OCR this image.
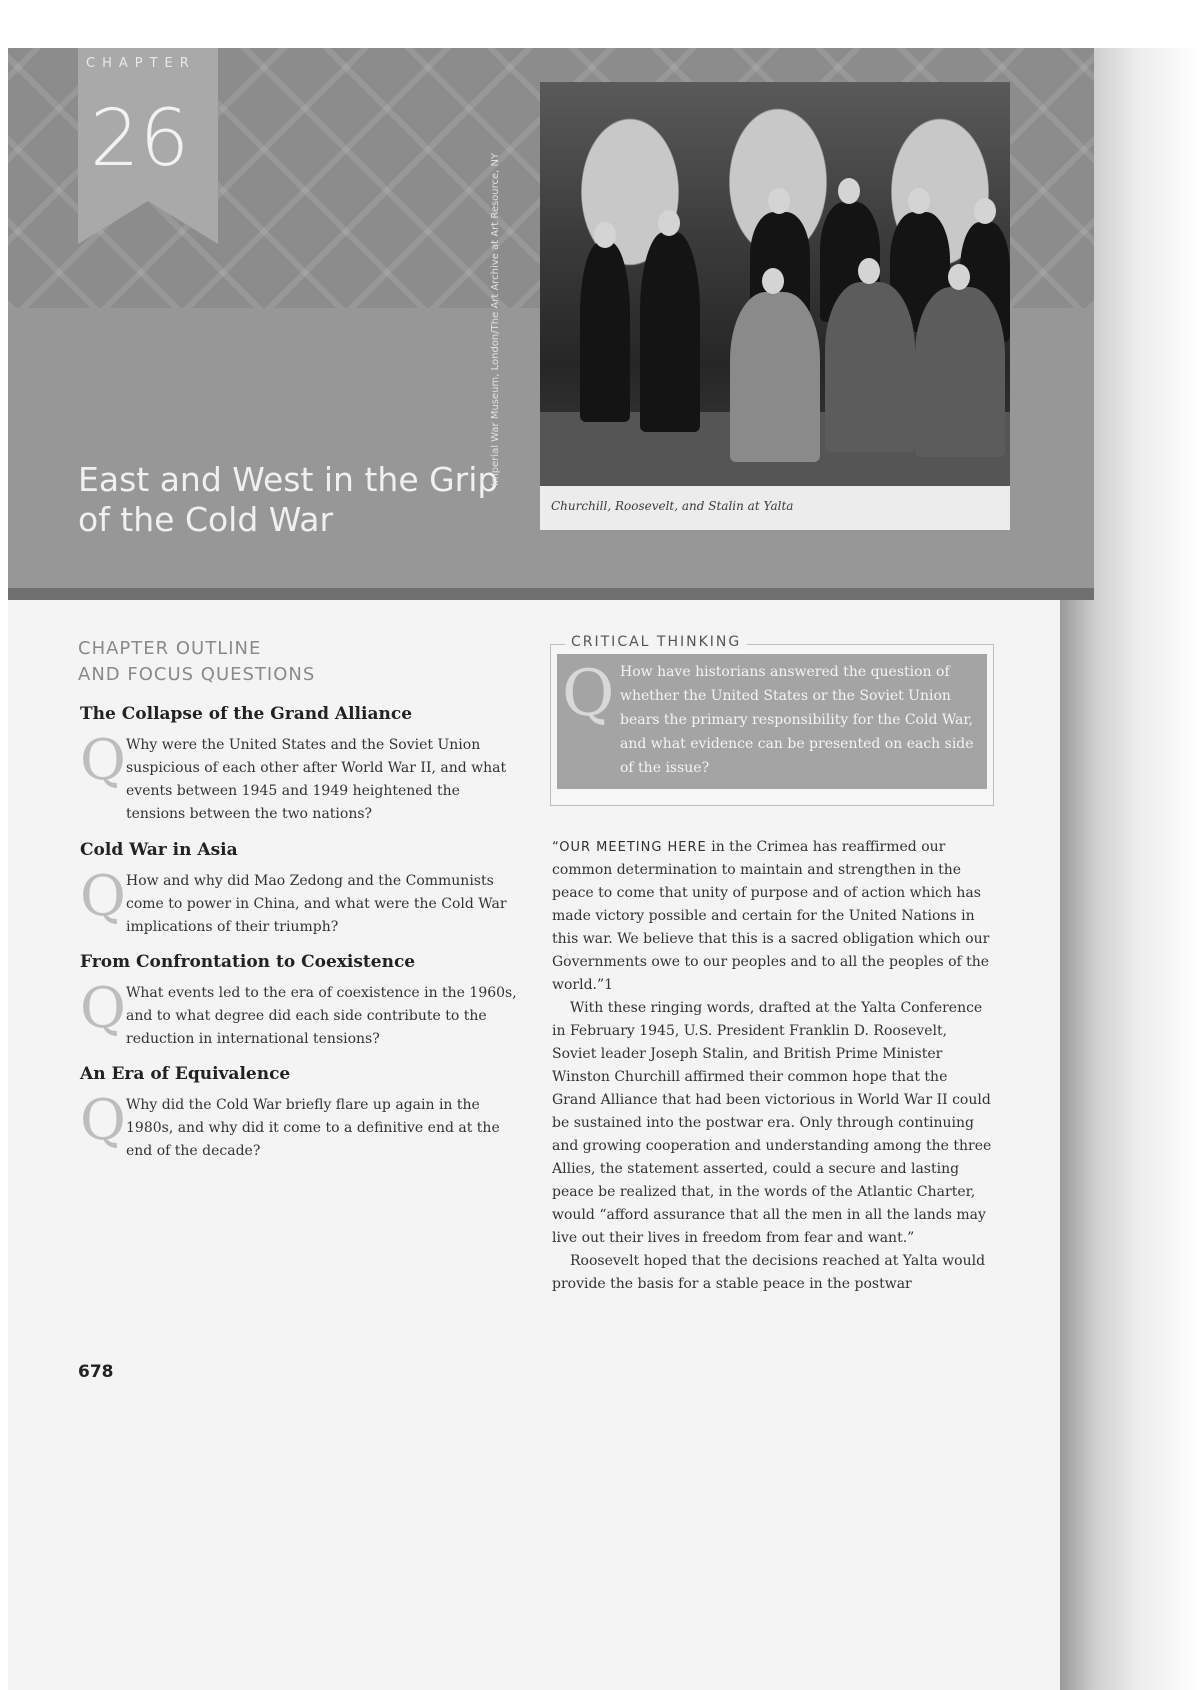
CHAPTER
26
East and West in the Grip
of the Cold War
Imperial War Museum, London/The Art Archive at Art Resource, NY
Churchill, Roosevelt, and Stalin at Yalta
CHAPTER OUTLINE
AND FOCUS QUESTIONS
The Collapse of the Grand Alliance
Q Why were the United States and the Soviet Union suspicious of each other after World War II, and what events between 1945 and 1949 heightened the tensions between the two nations?

Cold War in Asia
Q How and why did Mao Zedong and the Communists come to power in China, and what were the Cold War implications of their triumph?

From Confrontation to Coexistence
Q What events led to the era of coexistence in the 1960s, and to what degree did each side contribute to the reduction in international tensions?

An Era of Equivalence
Q Why did the Cold War briefly flare up again in the 1980s, and why did it come to a definitive end at the end of the decade?

CRITICAL THINKING
Q How have historians answered the question of whether the United States or the Soviet Union bears the primary responsibility for the Cold War, and what evidence can be presented on each side of the issue?

“OUR MEETING HERE in the Crimea has reaffirmed our common determination to maintain and strengthen in the peace to come that unity of purpose and of action which has made victory possible and certain for the United Nations in this war. We believe that this is a sacred obligation which our Governments owe to our peoples and to all the peoples of the world.”1

With these ringing words, drafted at the Yalta Conference in February 1945, U.S. President Franklin D. Roosevelt, Soviet leader Joseph Stalin, and British Prime Minister Winston Churchill affirmed their common hope that the Grand Alliance that had been victorious in World War II could be sustained into the postwar era. Only through continuing and growing cooperation and understanding among the three Allies, the statement asserted, could a secure and lasting peace be realized that, in the words of the Atlantic Charter, would “afford assurance that all the men in all the lands may live out their lives in freedom from fear and want.”

Roosevelt hoped that the decisions reached at Yalta would provide the basis for a stable peace in the postwar

678
